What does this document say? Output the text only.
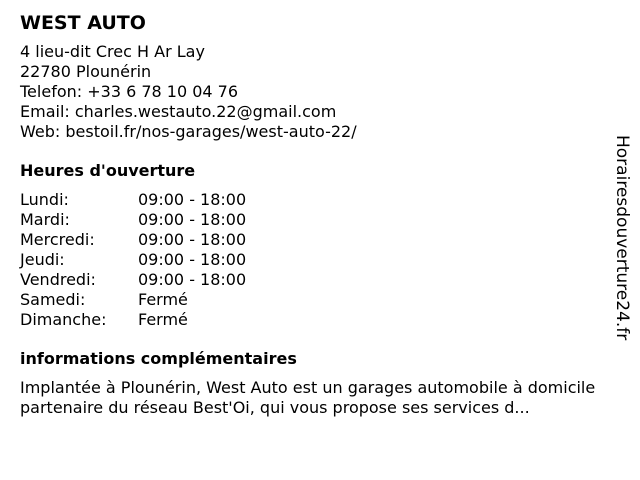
WEST AUTO
4 lieu-dit Crec H Ar Lay
22780 Plounérin
Telefon: +33 6 78 10 04 76
Email: charles.westauto.22@gmail.com
Web: bestoil.fr/nos-garages/west-auto-22/
Heures d'ouverture
Lundi:	09:00 - 18:00
Mardi:	09:00 - 18:00
Mercredi:	09:00 - 18:00
Jeudi:	09:00 - 18:00
Vendredi:	09:00 - 18:00
Samedi:	Fermé
Dimanche:	Fermé
informations complémentaires
Implantée à Plounérin, West Auto est un garages automobile à domicile partenaire du réseau Best'Oi, qui vous propose ses services d...
Horairesdouverture24.fr
